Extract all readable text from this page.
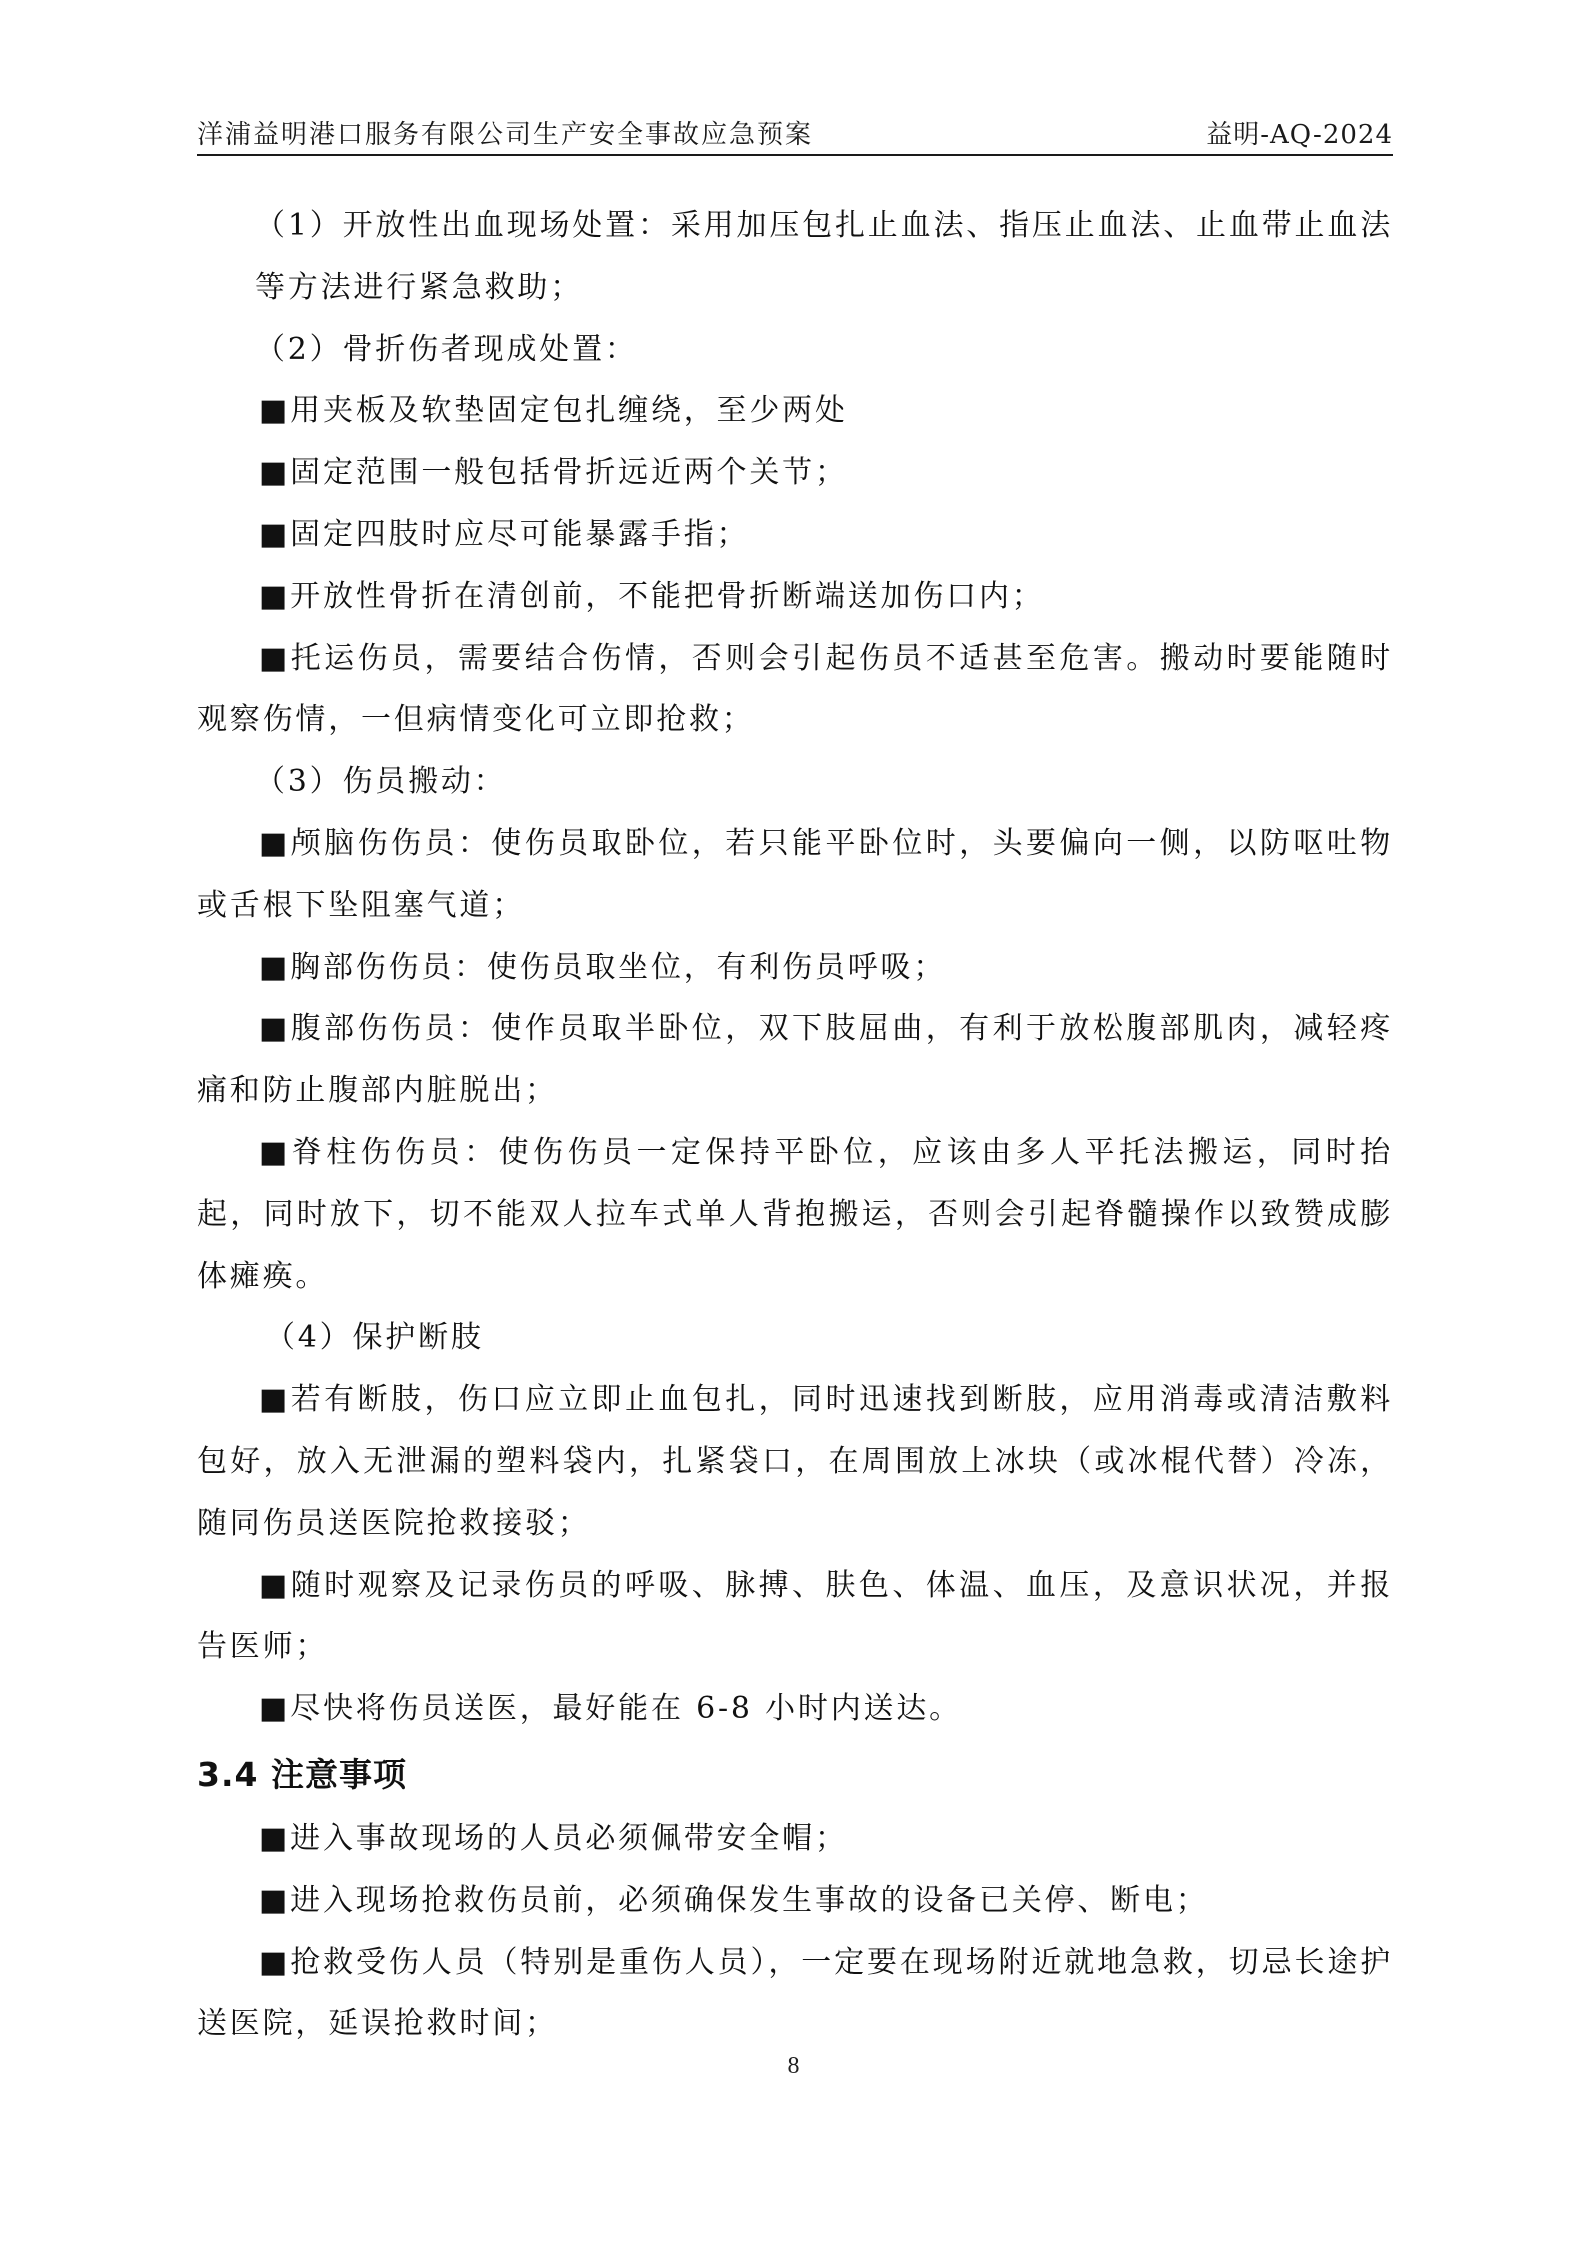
洋浦益明港口服务有限公司生产安全事故应急预案	益明-AQ-2024

（1）开放性出血现场处置：采用加压包扎止血法、指压止血法、止血带止血法等方法进行紧急救助；

（2）骨折伤者现成处置：

■用夹板及软垫固定包扎缠绕，至少两处

■固定范围一般包括骨折远近两个关节；

■固定四肢时应尽可能暴露手指；

■开放性骨折在清创前，不能把骨折断端送加伤口内；

■托运伤员，需要结合伤情，否则会引起伤员不适甚至危害。搬动时要能随时观察伤情，一但病情变化可立即抢救；

（3）伤员搬动：

■颅脑伤伤员：使伤员取卧位，若只能平卧位时，头要偏向一侧，以防呕吐物或舌根下坠阻塞气道；

■胸部伤伤员：使伤员取坐位，有利伤员呼吸；

■腹部伤伤员：使作员取半卧位，双下肢屈曲，有利于放松腹部肌肉，减轻疼痛和防止腹部内脏脱出；

■脊柱伤伤员：使伤伤员一定保持平卧位，应该由多人平托法搬运，同时抬起，同时放下，切不能双人拉车式单人背抱搬运，否则会引起脊髓操作以致赞成膨体瘫痪。

（4）保护断肢

■若有断肢，伤口应立即止血包扎，同时迅速找到断肢，应用消毒或清洁敷料包好，放入无泄漏的塑料袋内，扎紧袋口，在周围放上冰块（或冰棍代替）冷冻，随同伤员送医院抢救接驳；

■随时观察及记录伤员的呼吸、脉搏、肤色、体温、血压，及意识状况，并报告医师；

■尽快将伤员送医，最好能在 6-8 小时内送达。

3.4 注意事项

■进入事故现场的人员必须佩带安全帽；

■进入现场抢救伤员前，必须确保发生事故的设备已关停、断电；

■抢救受伤人员（特别是重伤人员），一定要在现场附近就地急救，切忌长途护送医院，延误抢救时间；

8
